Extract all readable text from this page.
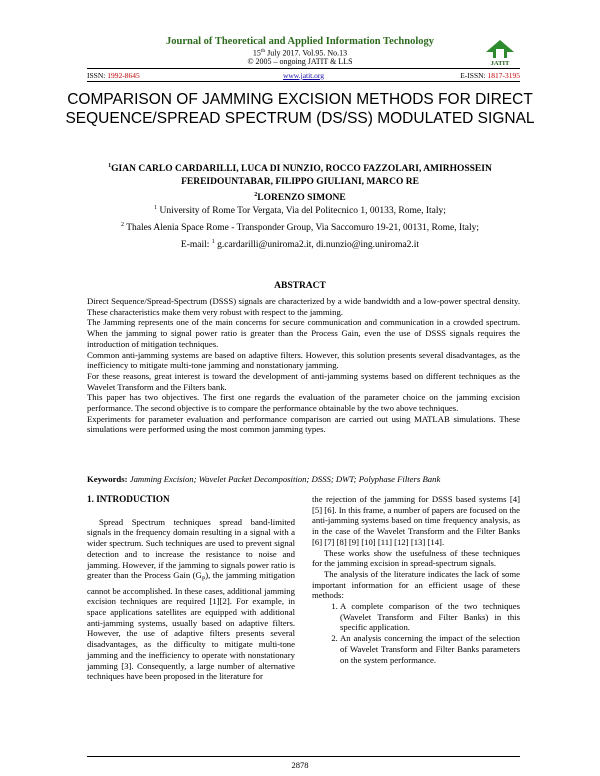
Journal of Theoretical and Applied Information Technology
15th July 2017. Vol.95. No.13
© 2005 – ongoing JATIT & LLS	JATIT
ISSN: 1992-8645	www.jatit.org	E-ISSN: 1817-3195
COMPARISON OF JAMMING EXCISION METHODS FOR DIRECT SEQUENCE/SPREAD SPECTRUM (DS/SS) MODULATED SIGNAL
$^1$GIAN CARLO CARDARILLI, LUCA DI NUNZIO, ROCCO FAZZOLARI, AMIRHOSSEIN FEREIDOUNTABAR, FILIPPO GIULIANI, MARCO RE
$^2$LORENZO SIMONE
$^1$ University of Rome Tor Vergata, Via del Politecnico 1, 00133, Rome, Italy;
$^2$ Thales Alenia Space Rome - Transponder Group, Via Saccomuro 19-21, 00131, Rome, Italy;
E-mail: $^1$ g.cardarilli@uniroma2.it, di.nunzio@ing.uniroma2.it
ABSTRACT

Direct Sequence/Spread-Spectrum (DSSS) signals are characterized by a wide bandwidth and a low-power spectral density. These characteristics make them very robust with respect to the jamming.

The Jamming represents one of the main concerns for secure communication and communication in a crowded spectrum. When the jamming to signal power ratio is greater than the Process Gain, even the use of DSSS signals requires the introduction of mitigation techniques.

Common anti-jamming systems are based on adaptive filters. However, this solution presents several disadvantages, as the inefficiency to mitigate multi-tone jamming and nonstationary jamming.

For these reasons, great interest is toward the development of anti-jamming systems based on different techniques as the Wavelet Transform and the Filters bank.

This paper has two objectives. The first one regards the evaluation of the parameter choice on the jamming excision performance. The second objective is to compare the performance obtainable by the two above techniques.

Experiments for parameter evaluation and performance comparison are carried out using MATLAB simulations. These simulations were performed using the most common jamming types.

Keywords: Jamming Excision; Wavelet Packet Decomposition; DSSS; DWT; Polyphase Filters Bank

1. INTRODUCTION

Spread Spectrum techniques spread band-limited signals in the frequency domain resulting in a signal with a wider spectrum. Such techniques are used to prevent signal detection and to increase the resistance to noise and jamming. However, if the jamming to signals power ratio is greater than the Process Gain $(G_P)$, the jamming mitigation cannot be accomplished. In these cases, additional jamming excision techniques are required [1][2]. For example, in space applications satellites are equipped with additional anti-jamming systems, usually based on adaptive filters. However, the use of adaptive filters presents several disadvantages, as the difficulty to mitigate multi-tone jamming and the inefficiency to operate with nonstationary jamming [3]. Consequently, a large number of alternative techniques have been proposed in the literature for

the rejection of the jamming for DSSS based systems [4] [5] [6]. In this frame, a number of papers are focused on the anti-jamming systems based on time frequency analysis, as in the case of the Wavelet Transform and the Filter Banks [6] [7] [8] [9] [10] [11] [12] [13] [14].

These works show the usefulness of these techniques for the jamming excision in spread-spectrum signals.

The analysis of the literature indicates the lack of some important information for an efficient usage of these methods:

1. A complete comparison of the two techniques (Wavelet Transform and Filter Banks) in this specific application.
2. An analysis concerning the impact of the selection of Wavelet Transform and Filter Banks parameters on the system performance.
2878
